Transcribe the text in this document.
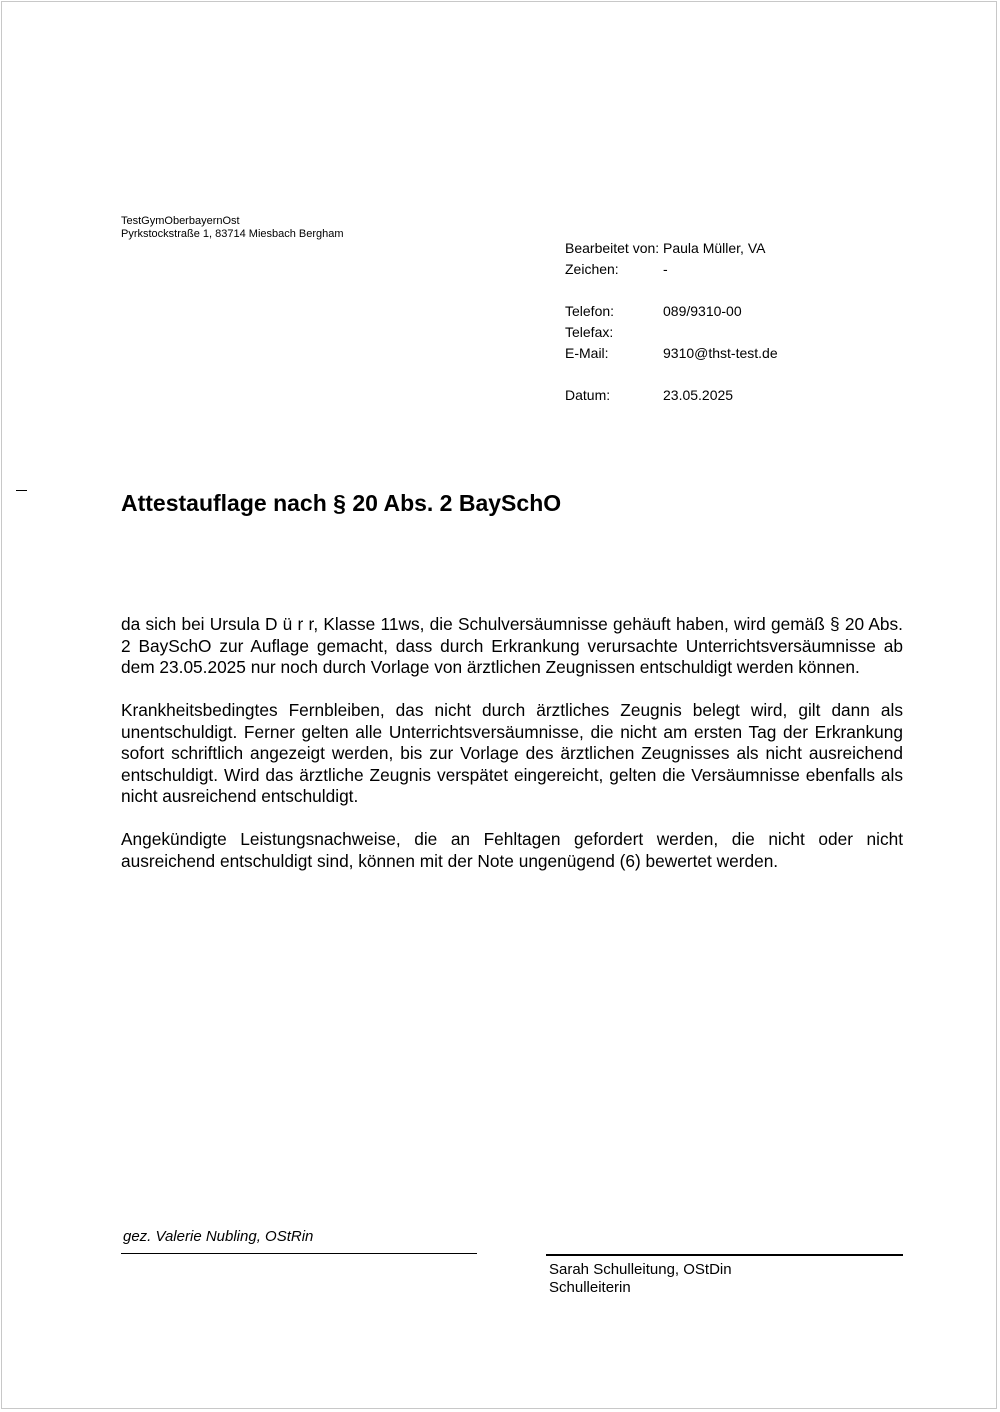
TestGymOberbayernOst
Pyrkstockstraße 1, 83714 Miesbach Bergham
Bearbeitet von: Paula Müller, VA
Zeichen:	-
Telefon:	089/9310-00
Telefax:
E-Mail:	9310@thst-test.de
Datum:	23.05.2025
Attestauflage nach § 20 Abs. 2 BaySchO

da sich bei Ursula D ü r r, Klasse 11ws, die Schulversäumnisse gehäuft haben, wird gemäß § 20 Abs. 2 BaySchO zur Auflage gemacht, dass durch Erkrankung verursachte Unterrichtsversäumnisse ab dem 23.05.2025 nur noch durch Vorlage von ärztlichen Zeugnissen entschuldigt werden können.

Krankheitsbedingtes Fernbleiben, das nicht durch ärztliches Zeugnis belegt wird, gilt dann als unentschuldigt. Ferner gelten alle Unterrichtsversäumnisse, die nicht am ersten Tag der Erkrankung sofort schriftlich angezeigt werden, bis zur Vorlage des ärztlichen Zeugnisses als nicht ausreichend entschuldigt. Wird das ärztliche Zeugnis verspätet eingereicht, gelten die Versäumnisse ebenfalls als nicht ausreichend entschuldigt.

Angekündigte Leistungsnachweise, die an Fehltagen gefordert werden, die nicht oder nicht ausreichend entschuldigt sind, können mit der Note ungenügend (6) bewertet werden.

gez. Valerie Nubling, OStRin
Sarah Schulleitung, OStDin
Schulleiterin
